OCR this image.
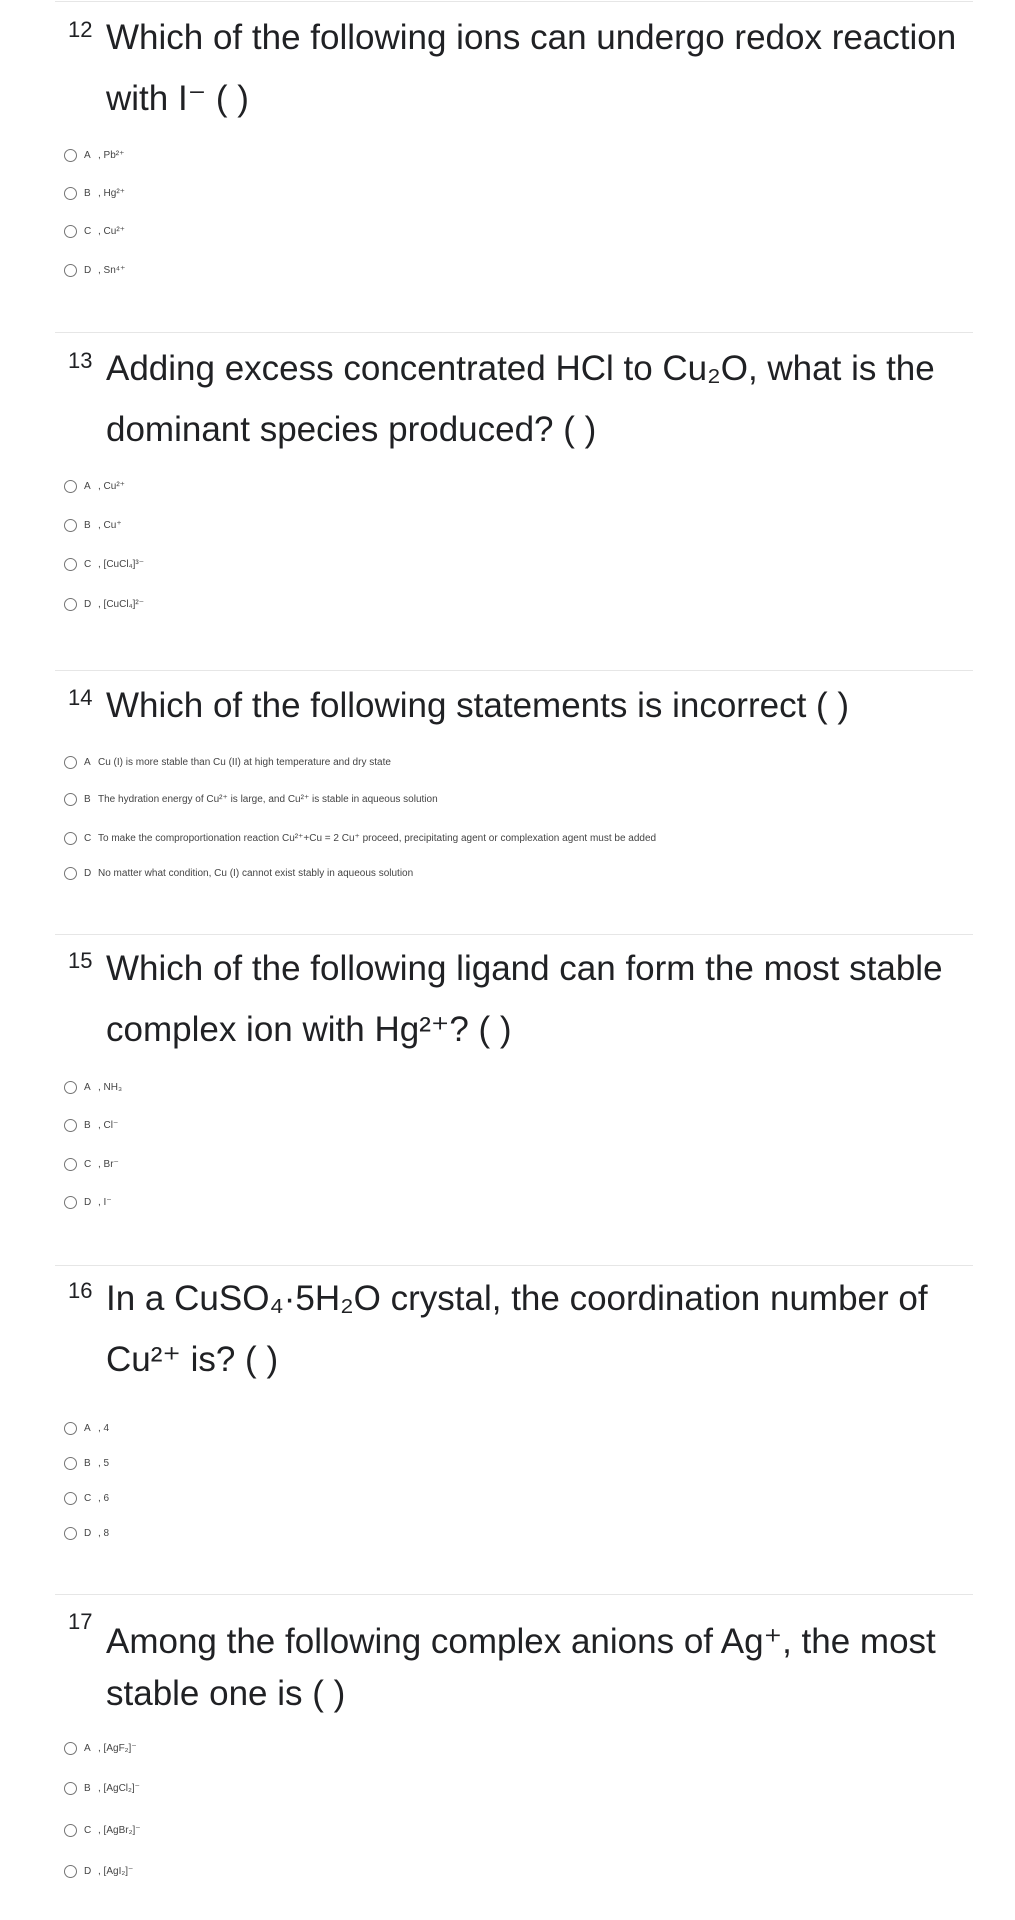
12 Which of the following ions can undergo redox reaction with I⁻ ( )
A , Pb²⁺
B , Hg²⁺
C , Cu²⁺
D , Sn⁴⁺
13 Adding excess concentrated HCl to Cu₂O, what is the dominant species produced? ( )
A , Cu²⁺
B , Cu⁺
C , [CuCl₄]³⁻
D , [CuCl₄]²⁻
14 Which of the following statements is incorrect ( )
A Cu (I) is more stable than Cu (II) at high temperature and dry state
B The hydration energy of Cu²⁺ is large, and Cu²⁺ is stable in aqueous solution
C To make the comproportionation reaction Cu²⁺+Cu = 2 Cu⁺ proceed, precipitating agent or complexation agent must be added
D No matter what condition, Cu (I) cannot exist stably in aqueous solution
15 Which of the following ligand can form the most stable complex ion with Hg²⁺? ( )
A , NH₃
B , Cl⁻
C , Br⁻
D , I⁻
16 In a CuSO₄·5H₂O crystal, the coordination number of Cu²⁺ is? ( )
A , 4
B , 5
C , 6
D , 8
17
Among the following complex anions of Ag⁺, the most stable one is ( )
A , [AgF₂]⁻
B , [AgCl₂]⁻
C , [AgBr₂]⁻
D , [AgI₂]⁻
